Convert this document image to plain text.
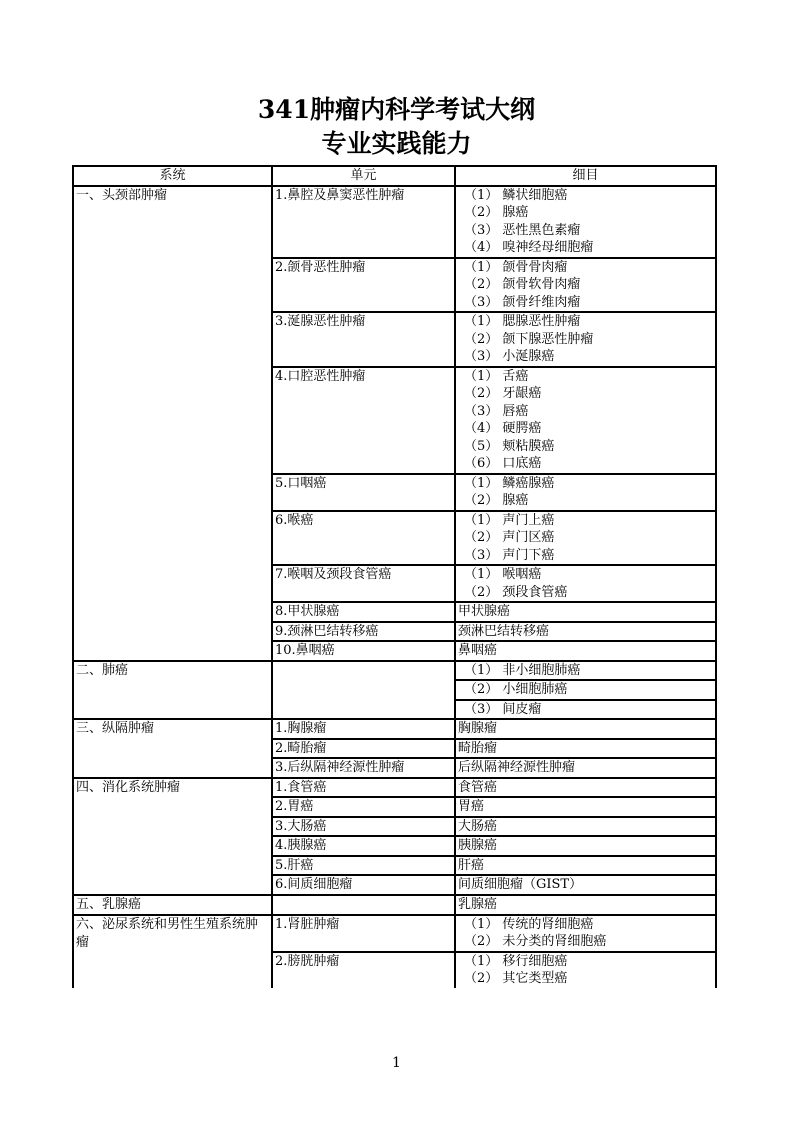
341肿瘤内科学考试大纲
专业实践能力
系统	单元	细目
一、头颈部肿瘤	1.鼻腔及鼻窦恶性肿瘤	（1） 鳞状细胞癌
		（2） 腺癌
		（3） 恶性黑色素瘤
		（4） 嗅神经母细胞瘤
	2.颌骨恶性肿瘤	（1） 颌骨骨肉瘤
		（2） 颌骨软骨肉瘤
		（3） 颌骨纤维肉瘤
	3.涎腺恶性肿瘤	（1） 腮腺恶性肿瘤
		（2） 颌下腺恶性肿瘤
		（3） 小涎腺癌
	4.口腔恶性肿瘤	（1） 舌癌
		（2） 牙龈癌
		（3） 唇癌
		（4） 硬腭癌
		（5） 颊粘膜癌
		（6） 口底癌
	5.口咽癌	（1） 鳞癌腺癌
		（2） 腺癌
	6.喉癌	（1） 声门上癌
		（2） 声门区癌
		（3） 声门下癌
	7.喉咽及颈段食管癌	（1） 喉咽癌
		（2） 颈段食管癌
	8.甲状腺癌	甲状腺癌
	9.颈淋巴结转移癌	颈淋巴结转移癌
	10.鼻咽癌	鼻咽癌
二、肺癌		（1） 非小细胞肺癌
		（2） 小细胞肺癌
		（3） 间皮瘤
三、纵隔肿瘤	1.胸腺瘤	胸腺瘤
	2.畸胎瘤	畸胎瘤
	3.后纵隔神经源性肿瘤	后纵隔神经源性肿瘤
四、消化系统肿瘤	1.食管癌	食管癌
	2.胃癌	胃癌
	3.大肠癌	大肠癌
	4.胰腺癌	胰腺癌
	5.肝癌	肝癌
	6.间质细胞瘤	间质细胞瘤（GIST）
五、乳腺癌		乳腺癌
六、泌尿系统和男性生殖系统肿瘤	1.肾脏肿瘤	（1） 传统的肾细胞癌
		（2） 未分类的肾细胞癌
	2.膀胱肿瘤	（1） 移行细胞癌
		（2） 其它类型癌
1
